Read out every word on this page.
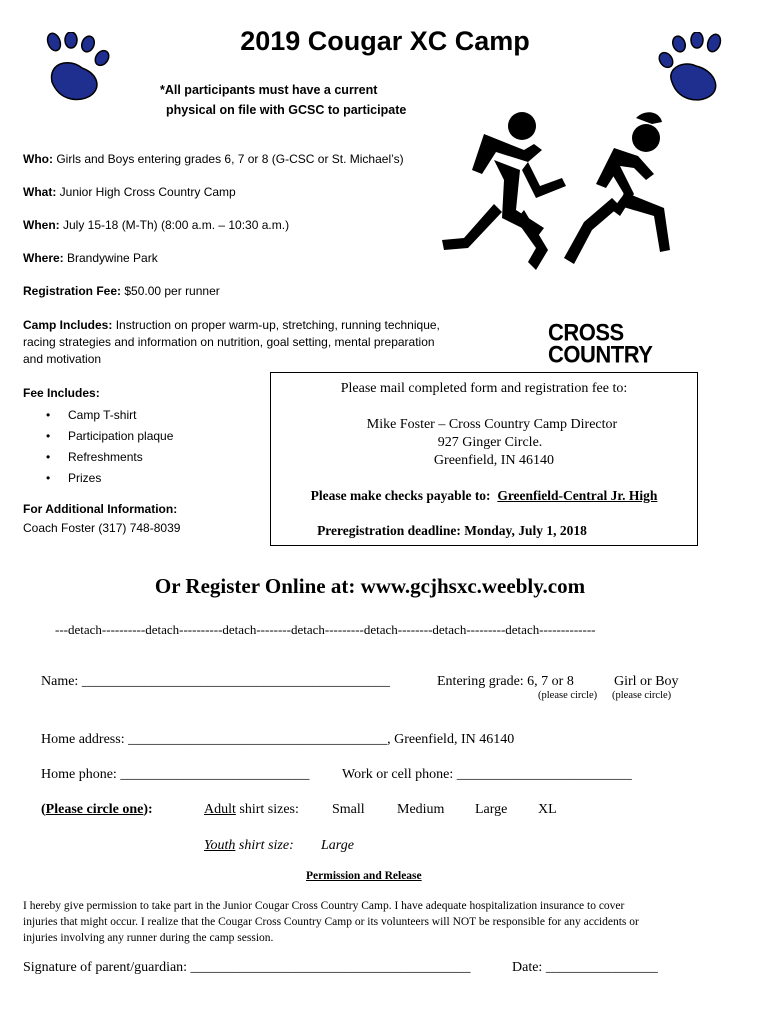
2019 Cougar XC Camp
*All participants must have a current
physical on file with GCSC to participate
CROSS
COUNTRY
Who: Girls and Boys entering grades 6, 7 or 8 (G-CSC or St. Michael’s)
What: Junior High Cross Country Camp
When: July 15-18 (M-Th) (8:00 a.m. – 10:30 a.m.)
Where: Brandywine Park
Registration Fee: $50.00 per runner
Camp Includes: Instruction on proper warm-up, stretching, running technique,
racing strategies and information on nutrition, goal setting, mental preparation
and motivation
Fee Includes:
• Camp T-shirt
• Participation plaque
• Refreshments
• Prizes
For Additional Information:
Coach Foster (317) 748-8039
Please mail completed form and registration fee to:
Mike Foster – Cross Country Camp Director
927 Ginger Circle.
Greenfield, IN 46140
Please make checks payable to: Greenfield-Central Jr. High
Preregistration deadline: Monday, July 1, 2018
Or Register Online at: www.gcjhsxc.weebly.com
---detach----------detach----------detach--------detach---------detach--------detach---------detach-------------
Name: ____________________________________________	Entering grade: 6, 7 or 8	Girl or Boy
(please circle) (please circle)
Home address: _____________________________________, Greenfield, IN 46140
Home phone: ___________________________ Work or cell phone: _________________________
(Please circle one):	Adult shirt sizes: Small Medium Large XL
Youth shirt size: Large
Permission and Release
I hereby give permission to take part in the Junior Cougar Cross Country Camp. I have adequate hospitalization insurance to cover
injuries that might occur. I realize that the Cougar Cross Country Camp or its volunteers will NOT be responsible for any accidents or
injuries involving any runner during the camp session.
Signature of parent/guardian: ________________________________________	Date: ________________
